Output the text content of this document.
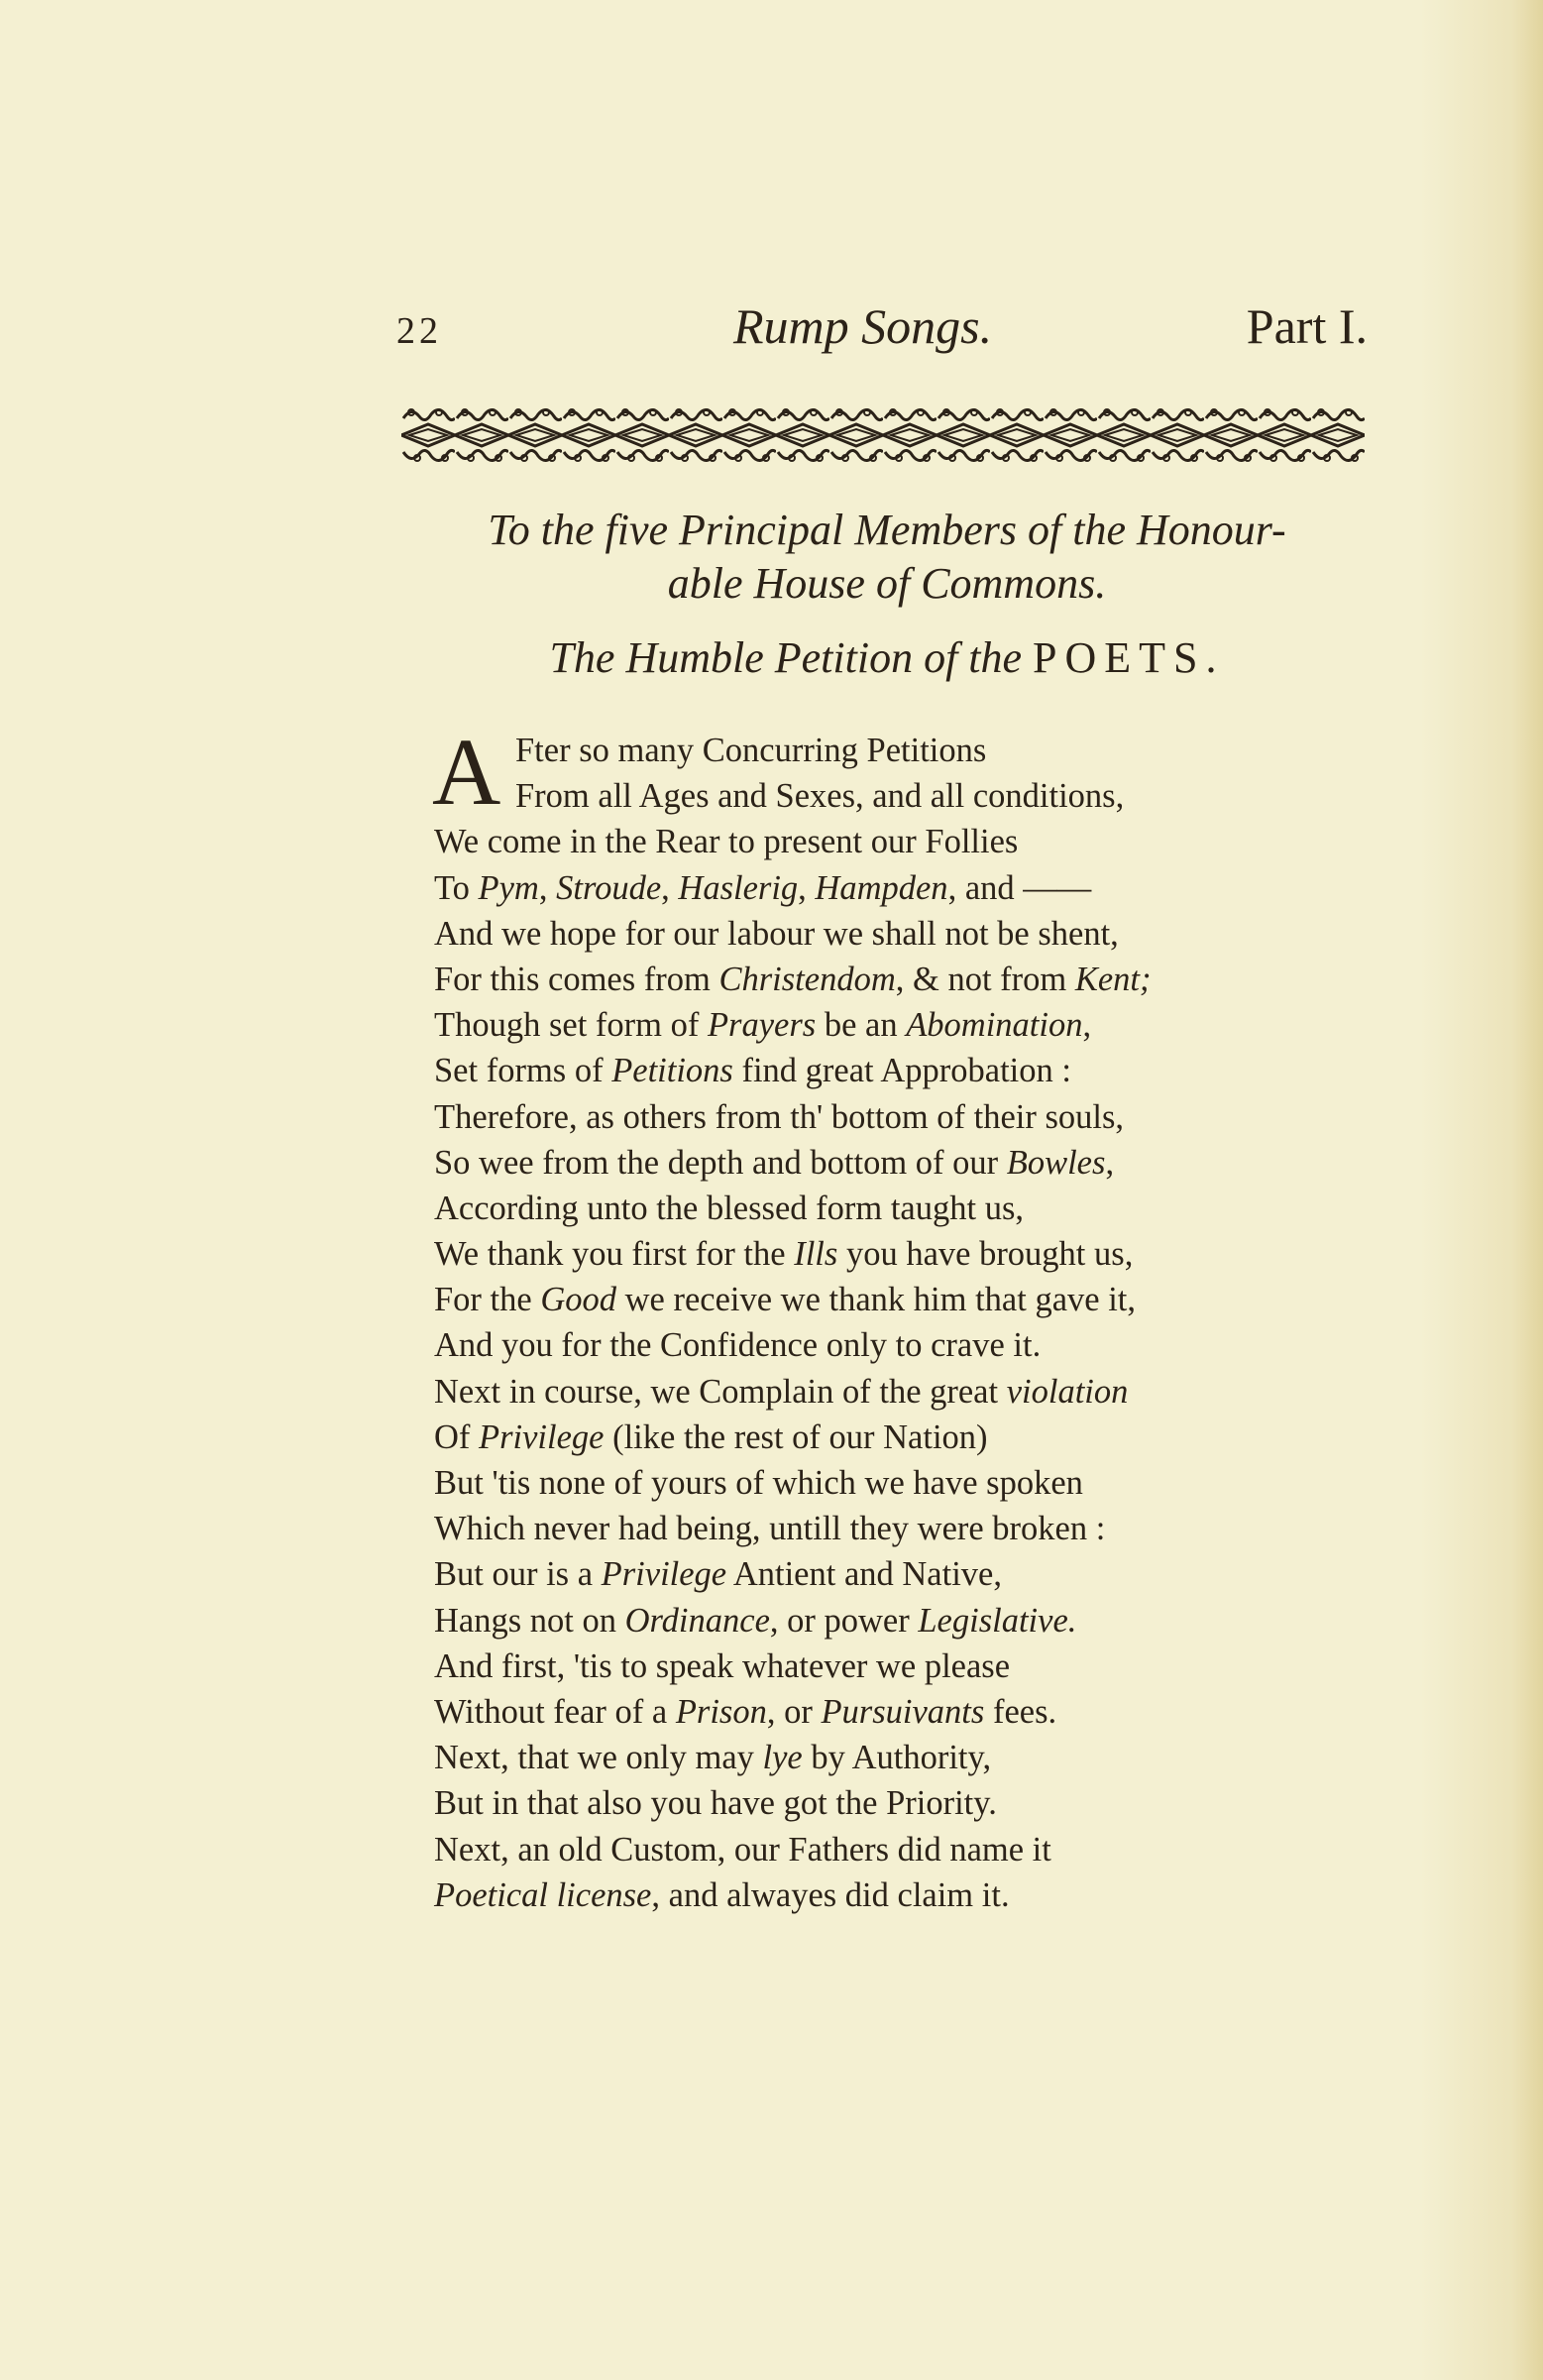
22	Rump Songs.	Part I.
To the five Principal Members of the Honour-
able House of Commons.
The Humble Petition of the POETS.
A Fter so many Concurring Petitions
From all Ages and Sexes, and all conditions,
We come in the Rear to present our Follies
To Pym, Stroude, Haslerig, Hampden, and ——
And we hope for our labour we shall not be shent,
For this comes from Christendom, & not from Kent;
Though set form of Prayers be an Abomination,
Set forms of Petitions find great Approbation :
Therefore, as others from th' bottom of their souls,
So wee from the depth and bottom of our Bowles,
According unto the blessed form taught us,
We thank you first for the Ills you have brought us,
For the Good we receive we thank him that gave it,
And you for the Confidence only to crave it.
Next in course, we Complain of the great violation
Of Privilege (like the rest of our Nation)
But 'tis none of yours of which we have spoken
Which never had being, untill they were broken :
But our is a Privilege Antient and Native,
Hangs not on Ordinance, or power Legislative.
And first, 'tis to speak whatever we please
Without fear of a Prison, or Pursuivants fees.
Next, that we only may lye by Authority,
But in that also you have got the Priority.
Next, an old Custom, our Fathers did name it
Poetical license, and alwayes did claim it.
